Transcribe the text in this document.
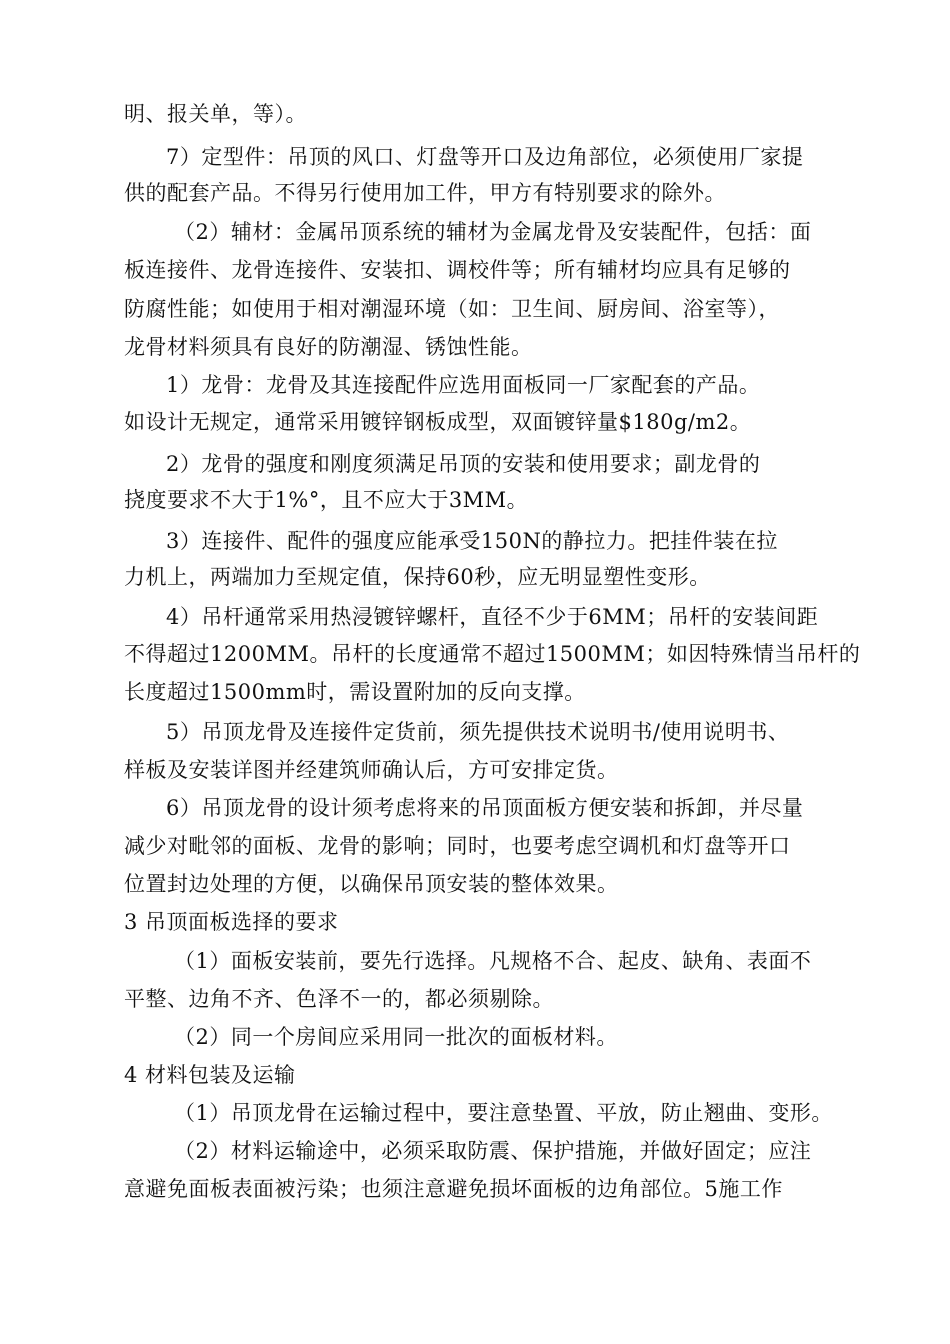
明、报关单，等）。
7）定型件：吊顶的风口、灯盘等开口及边角部位，必须使用厂家提
供的配套产品。不得另行使用加工件，甲方有特别要求的除外。
（2）辅材：金属吊顶系统的辅材为金属龙骨及安装配件，包括：面
板连接件、龙骨连接件、安装扣、调校件等；所有辅材均应具有足够的
防腐性能；如使用于相对潮湿环境（如：卫生间、厨房间、浴室等），
龙骨材料须具有良好的防潮湿、锈蚀性能。
1）龙骨：龙骨及其连接配件应选用面板同一厂家配套的产品。
如设计无规定，通常采用镀锌钢板成型，双面镀锌量$180g/m2。
2）龙骨的强度和刚度须满足吊顶的安装和使用要求；副龙骨的
挠度要求不大于1%°，且不应大于3MM。
3）连接件、配件的强度应能承受150N的静拉力。把挂件装在拉
力机上，两端加力至规定值，保持60秒，应无明显塑性变形。
4）吊杆通常采用热浸镀锌螺杆，直径不少于6MM；吊杆的安装间距
不得超过1200MM。吊杆的长度通常不超过1500MM；如因特殊情当吊杆的
长度超过1500mm时，需设置附加的反向支撑。
5）吊顶龙骨及连接件定货前，须先提供技术说明书/使用说明书、
样板及安装详图并经建筑师确认后，方可安排定货。
6）吊顶龙骨的设计须考虑将来的吊顶面板方便安装和拆卸，并尽量
减少对毗邻的面板、龙骨的影响；同时，也要考虑空调机和灯盘等开口
位置封边处理的方便，以确保吊顶安装的整体效果。
3 吊顶面板选择的要求
（1）面板安装前，要先行选择。凡规格不合、起皮、缺角、表面不
平整、边角不齐、色泽不一的，都必须剔除。
（2）同一个房间应采用同一批次的面板材料。
4 材料包装及运输
（1）吊顶龙骨在运输过程中，要注意垫置、平放，防止翘曲、变形。
（2）材料运输途中，必须采取防震、保护措施，并做好固定；应注
意避免面板表面被污染；也须注意避免损坏面板的边角部位。5施工作
